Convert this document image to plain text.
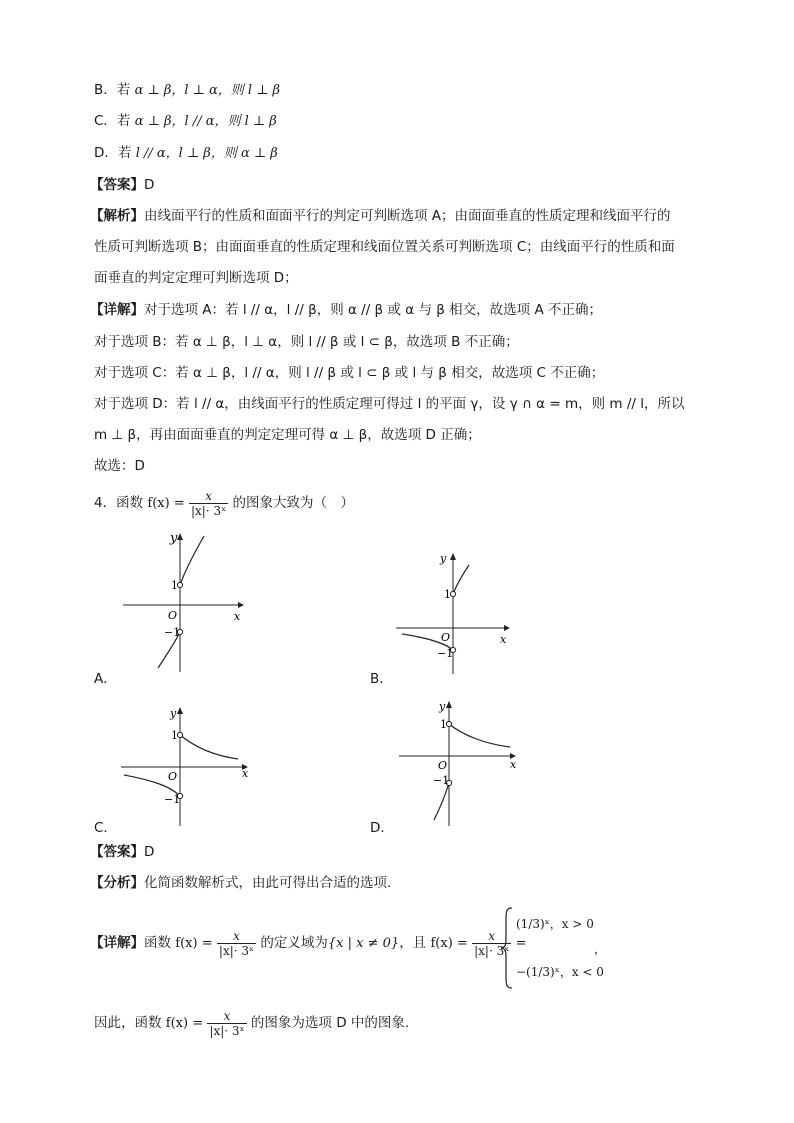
B．若 α ⊥ β，l ⊥ α，则 l ⊥ β
C．若 α ⊥ β，l // α，则 l ⊥ β
D．若 l // α，l ⊥ β，则 α ⊥ β
【答案】D
【解析】由线面平行的性质和面面平行的判定可判断选项 A；由面面垂直的性质定理和线面平行的
性质可判断选项 B；由面面垂直的性质定理和线面位置关系可判断选项 C；由线面平行的性质和面
面垂直的判定定理可判断选项 D；
【详解】对于选项 A：若 l // α，l // β，则 α // β 或 α 与 β 相交，故选项 A 不正确；
对于选项 B：若 α ⊥ β，l ⊥ α，则 l // β 或 l ⊂ β，故选项 B 不正确；
对于选项 C：若 α ⊥ β，l // α，则 l // β 或 l ⊂ β 或 l 与 β 相交，故选项 C 不正确；
对于选项 D：若 l // α，由线面平行的性质定理可得过 l 的平面 γ，设 γ ∩ α = m，则 m // l，所以
m ⊥ β，再由面面垂直的判定定理可得 α ⊥ β，故选项 D 正确；
故选：D
4．函数 $f(x) = \frac{x}{\text{|x|· 3ˣ}}$ 的图象大致为（　）
y
x
O
1
−1
A．
y
x
O
1
−1
B．
y
x
O
1
−1
C．
y
x
O
1
−1
D．
【答案】D
【分析】化简函数解析式，由此可得出合适的选项.
【详解】函数 $f(x) = \frac{x}{\text{|x|· 3ˣ}}$ 的定义域为{x | x ≠ 0}，且 $f(x) = \frac{x}{\text{|x|· 3ˣ}}$ =
(1/3)ˣ，x > 0
−(1/3)ˣ，x < 0
，
因此，函数 $f(x) = \frac{x}{\text{|x|· 3ˣ}}$ 的图象为选项 D 中的图象.
